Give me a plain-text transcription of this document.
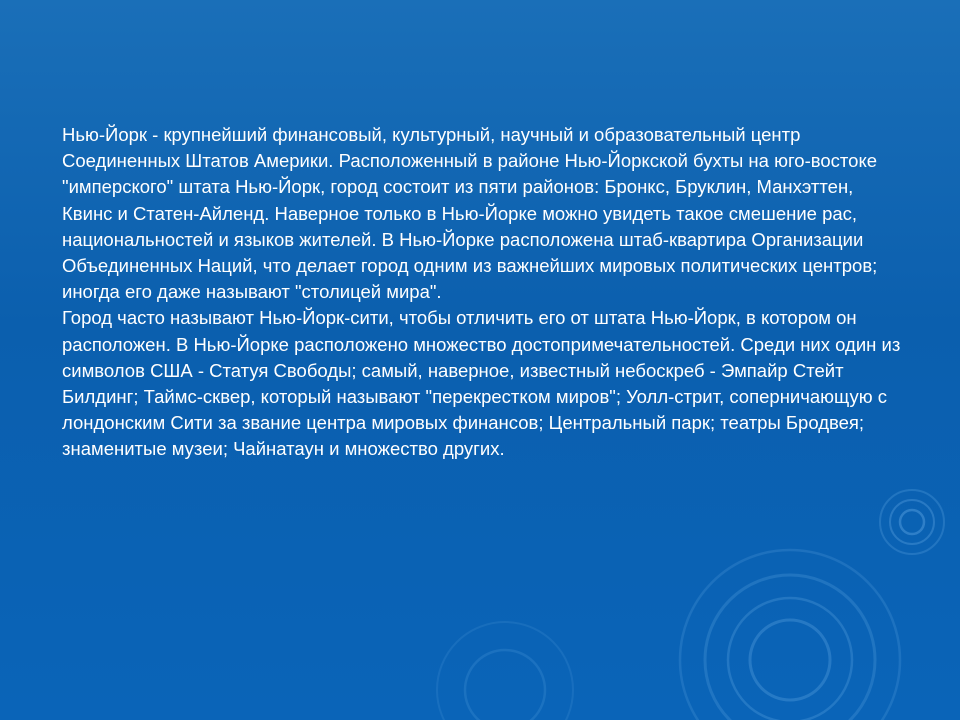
Нью-Йорк - крупнейший финансовый, культурный, научный и образовательный центр Соединенных Штатов Америки. Расположенный в районе Нью-Йоркской бухты на юго-востоке "имперского" штата Нью-Йорк, город состоит из пяти районов: Бронкс, Бруклин, Манхэттен, Квинс и Статен-Айленд. Наверное только в Нью-Йорке можно увидеть такое смешение рас, национальностей и языков жителей. В Нью-Йорке расположена штаб-квартира Организации Объединенных Наций, что делает город одним из важнейших мировых политических центров; иногда его даже называют "столицей мира".

Город часто называют Нью-Йорк-сити, чтобы отличить его от штата Нью-Йорк, в котором он расположен. В Нью-Йорке расположено множество достопримечательностей. Среди них один из символов США - Статуя Свободы; самый, наверное, известный небоскреб - Эмпайр Стейт Билдинг; Таймс-сквер, который называют "перекрестком миров"; Уолл-стрит, соперничающую с лондонским Сити за звание центра мировых финансов; Центральный парк; театры Бродвея; знаменитые музеи; Чайнатаун и множество других.
